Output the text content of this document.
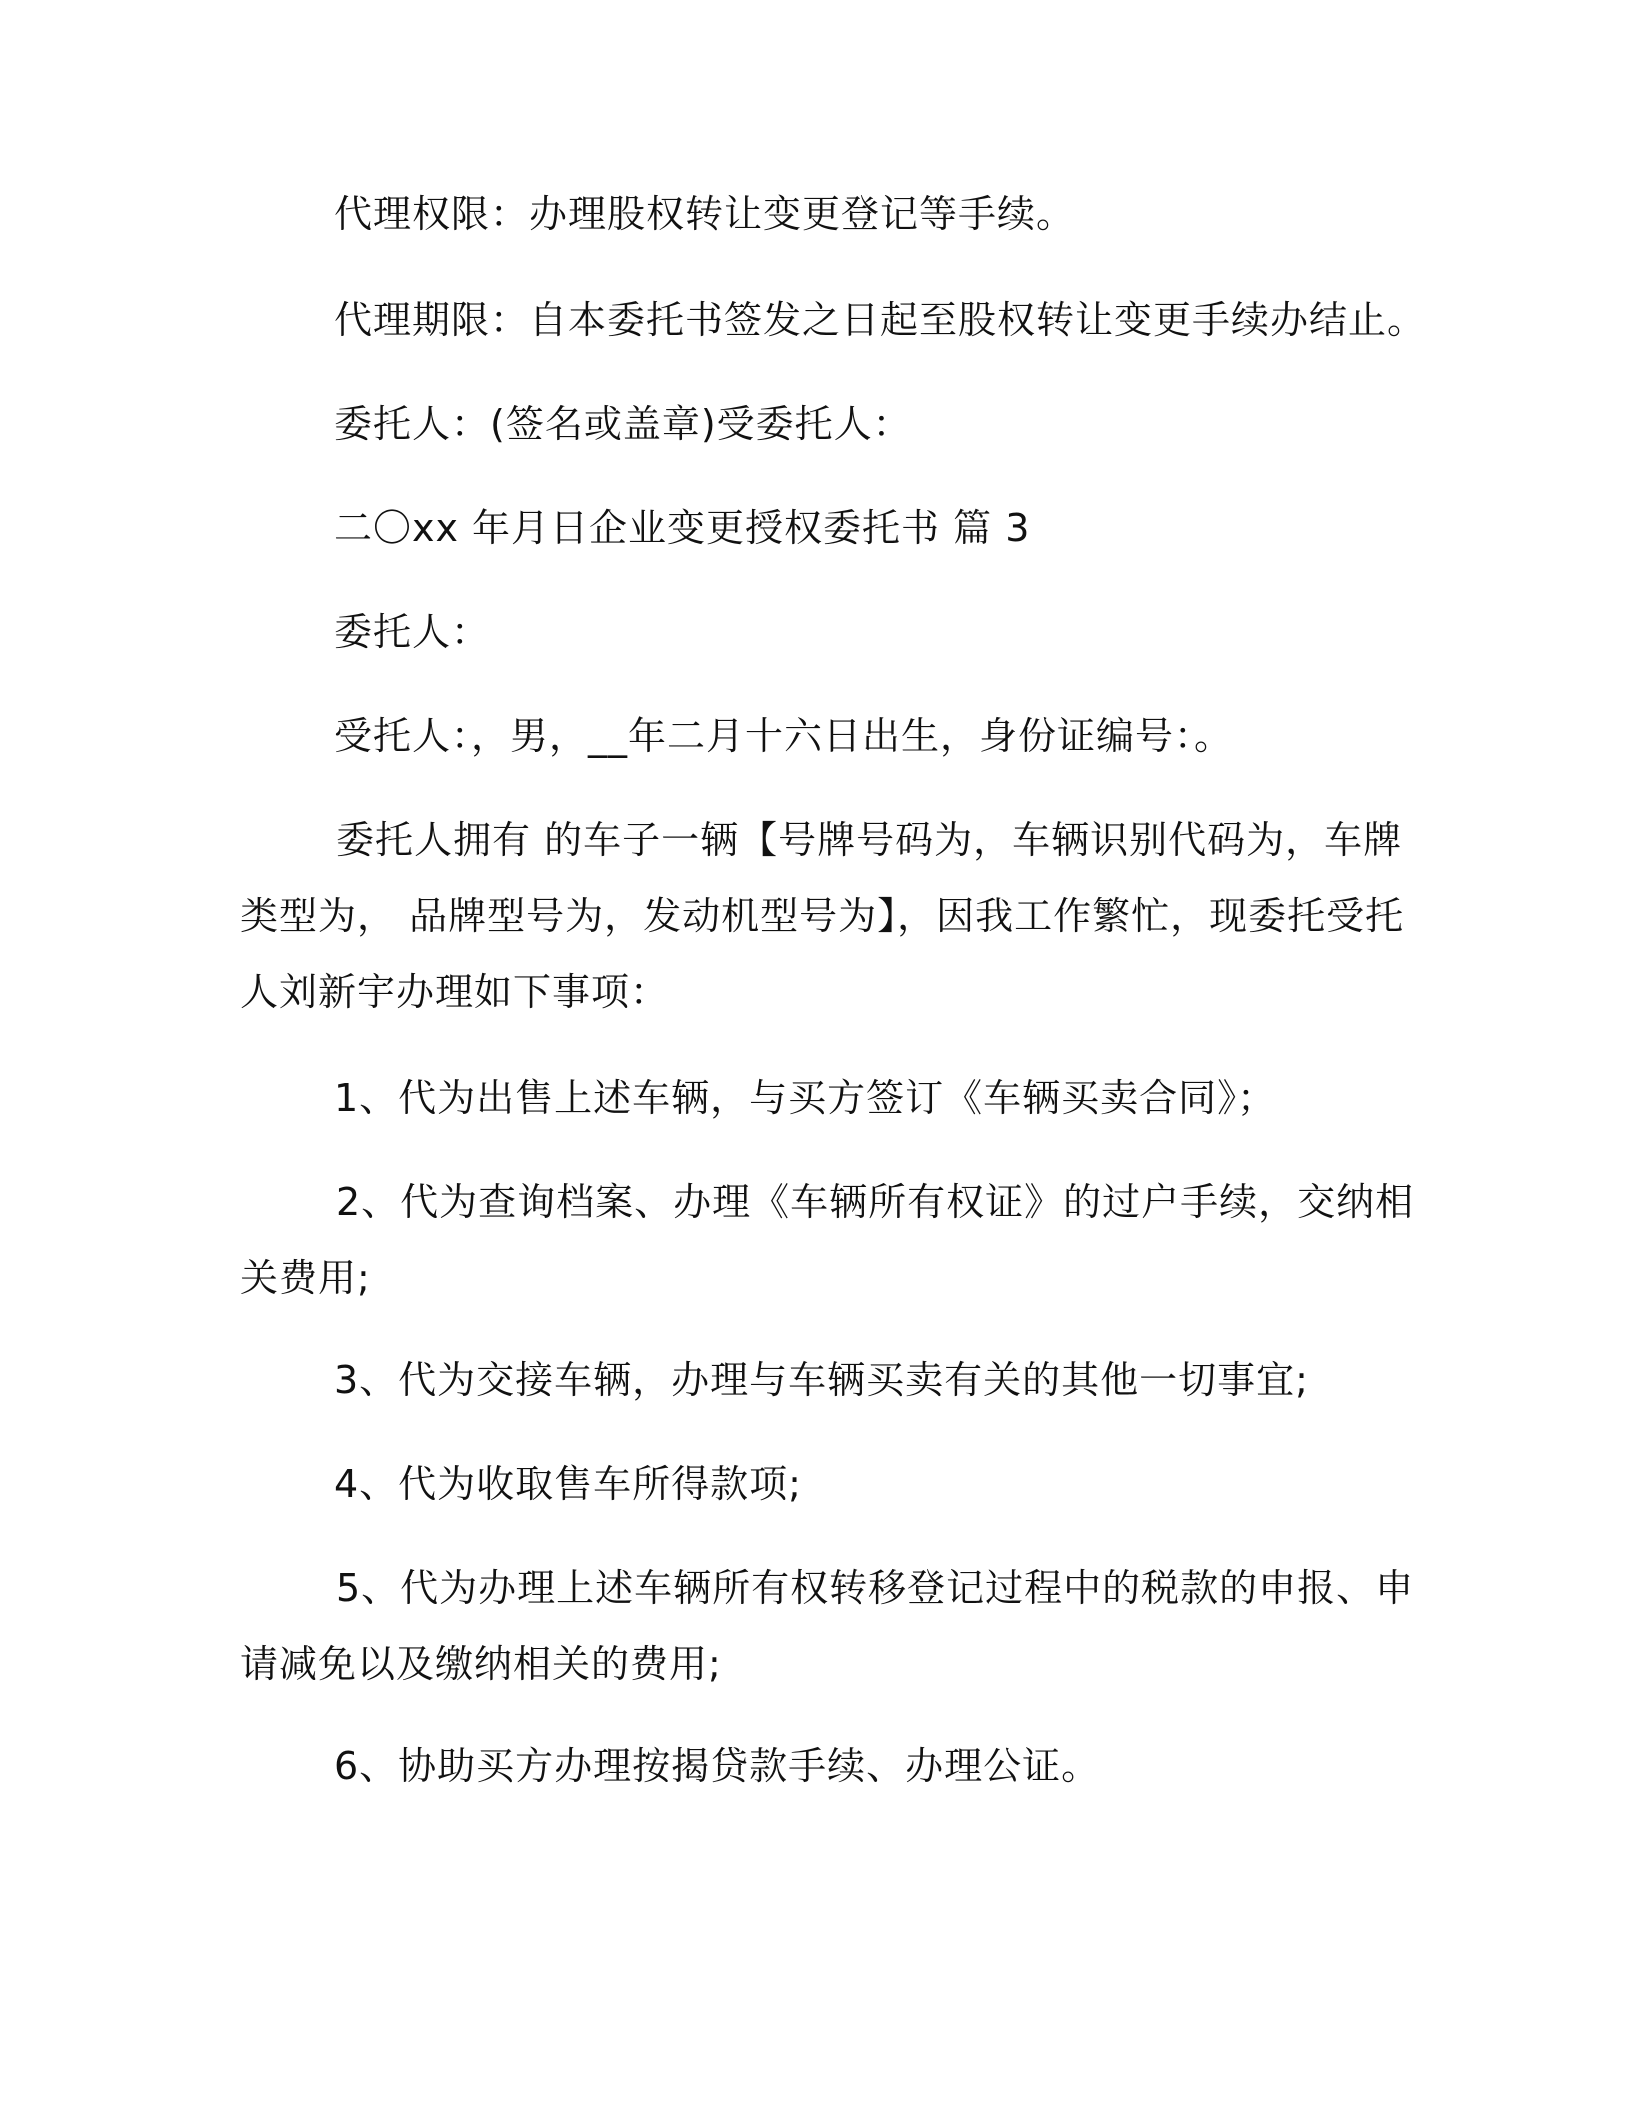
代理权限：办理股权转让变更登记等手续。

代理期限：自本委托书签发之日起至股权转让变更手续办结止。

委托人：(签名或盖章)受委托人：

二〇xx 年月日企业变更授权委托书 篇 3

委托人：

受托人：，男，__年二月十六日出生，身份证编号：。

委托人拥有 的车子一辆【号牌号码为，车辆识别代码为，车牌
类型为， 品牌型号为，发动机型号为】，因我工作繁忙，现委托受托
人刘新宇办理如下事项：

1、代为出售上述车辆，与买方签订《车辆买卖合同》；

2、代为查询档案、办理《车辆所有权证》的过户手续，交纳相
关费用;

3、代为交接车辆，办理与车辆买卖有关的其他一切事宜;

4、代为收取售车所得款项;

5、代为办理上述车辆所有权转移登记过程中的税款的申报、申
请减免以及缴纳相关的费用;

6、协助买方办理按揭贷款手续、办理公证。
